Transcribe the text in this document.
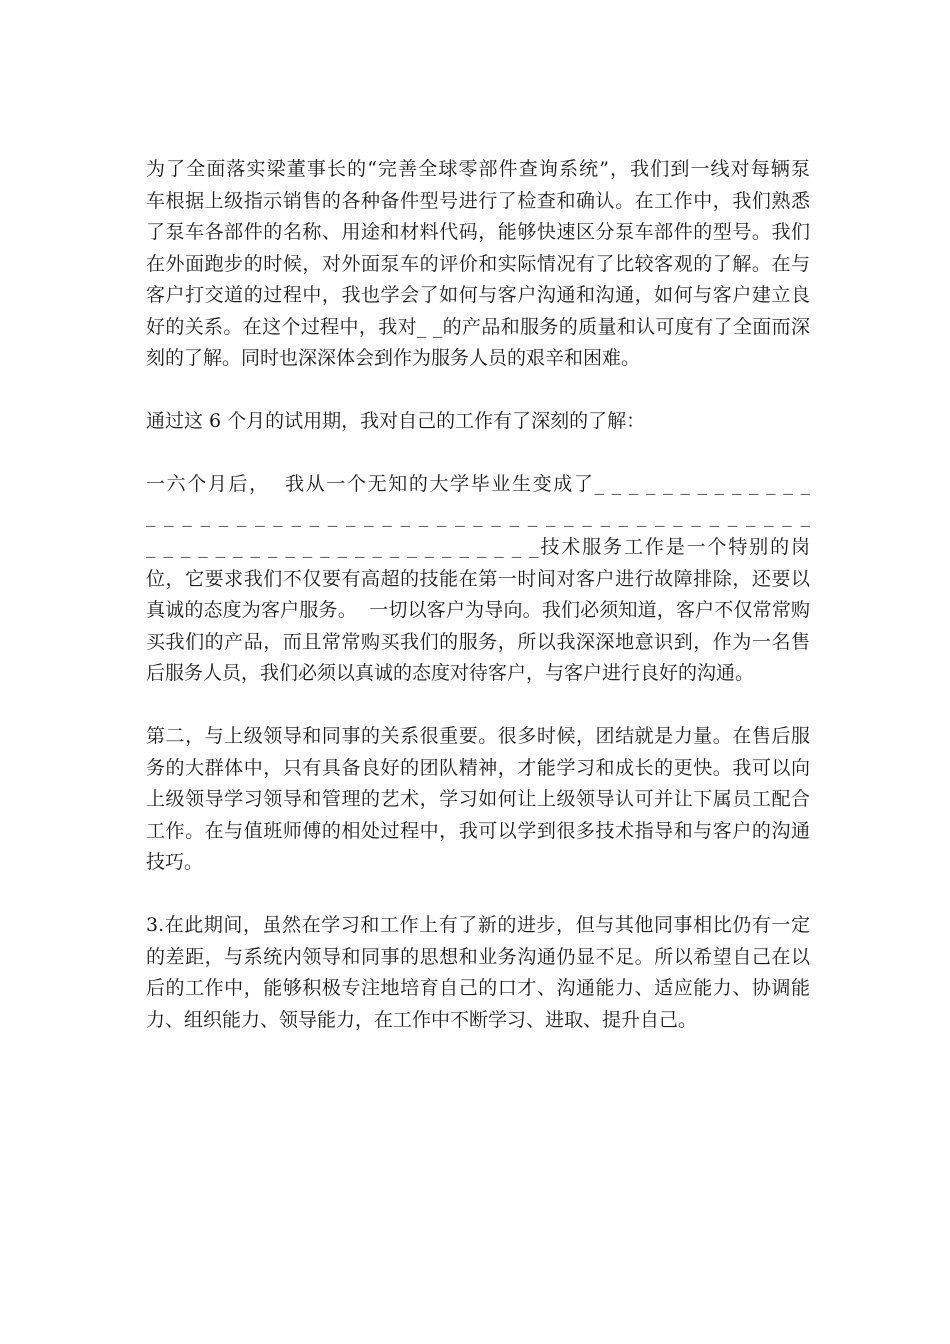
为了全面落实梁董事长的“完善全球零部件查询系统”，我们到一线对每辆泵
车根据上级指示销售的各种备件型号进行了检查和确认。在工作中，我们熟悉
了泵车各部件的名称、用途和材料代码，能够快速区分泵车部件的型号。我们
在外面跑步的时候，对外面泵车的评价和实际情况有了比较客观的了解。在与
客户打交道的过程中，我也学会了如何与客户沟通和沟通，如何与客户建立良
好的关系。在这个过程中，我对_ _的产品和服务的质量和认可度有了全面而深
刻的了解。同时也深深体会到作为服务人员的艰辛和困难。
通过这 6 个月的试用期，我对自己的工作有了深刻的了解：
一六个月后，  我从一个无知的大学毕业生变成了_ _ _ _ _ _ _ _ _ _ _ _ _
_ _ _ _ _ _ _ _ _ _ _ _ _ _ _ _ _ _ _ _ _ _ _ _ _ _ _ _ _ _ _ _ _ _ _ _ _
_ _ _ _ _ _ _ _ _ _ _ _ _ _ _ _ _ _ _ _ _ _ _技术服务工作是一个特别的岗
位，它要求我们不仅要有高超的技能在第一时间对客户进行故障排除，还要以
真诚的态度为客户服务。  一切以客户为导向。我们必须知道，客户不仅常常购
买我们的产品，而且常常购买我们的服务，所以我深深地意识到，作为一名售
后服务人员，我们必须以真诚的态度对待客户，与客户进行良好的沟通。
第二，与上级领导和同事的关系很重要。很多时候，团结就是力量。在售后服
务的大群体中，只有具备良好的团队精神，才能学习和成长的更快。我可以向
上级领导学习领导和管理的艺术，学习如何让上级领导认可并让下属员工配合
工作。在与值班师傅的相处过程中，我可以学到很多技术指导和与客户的沟通
技巧。
3.在此期间，虽然在学习和工作上有了新的进步，但与其他同事相比仍有一定
的差距，与系统内领导和同事的思想和业务沟通仍显不足。所以希望自己在以
后的工作中，能够积极专注地培育自己的口才、沟通能力、适应能力、协调能
力、组织能力、领导能力，在工作中不断学习、进取、提升自己。
